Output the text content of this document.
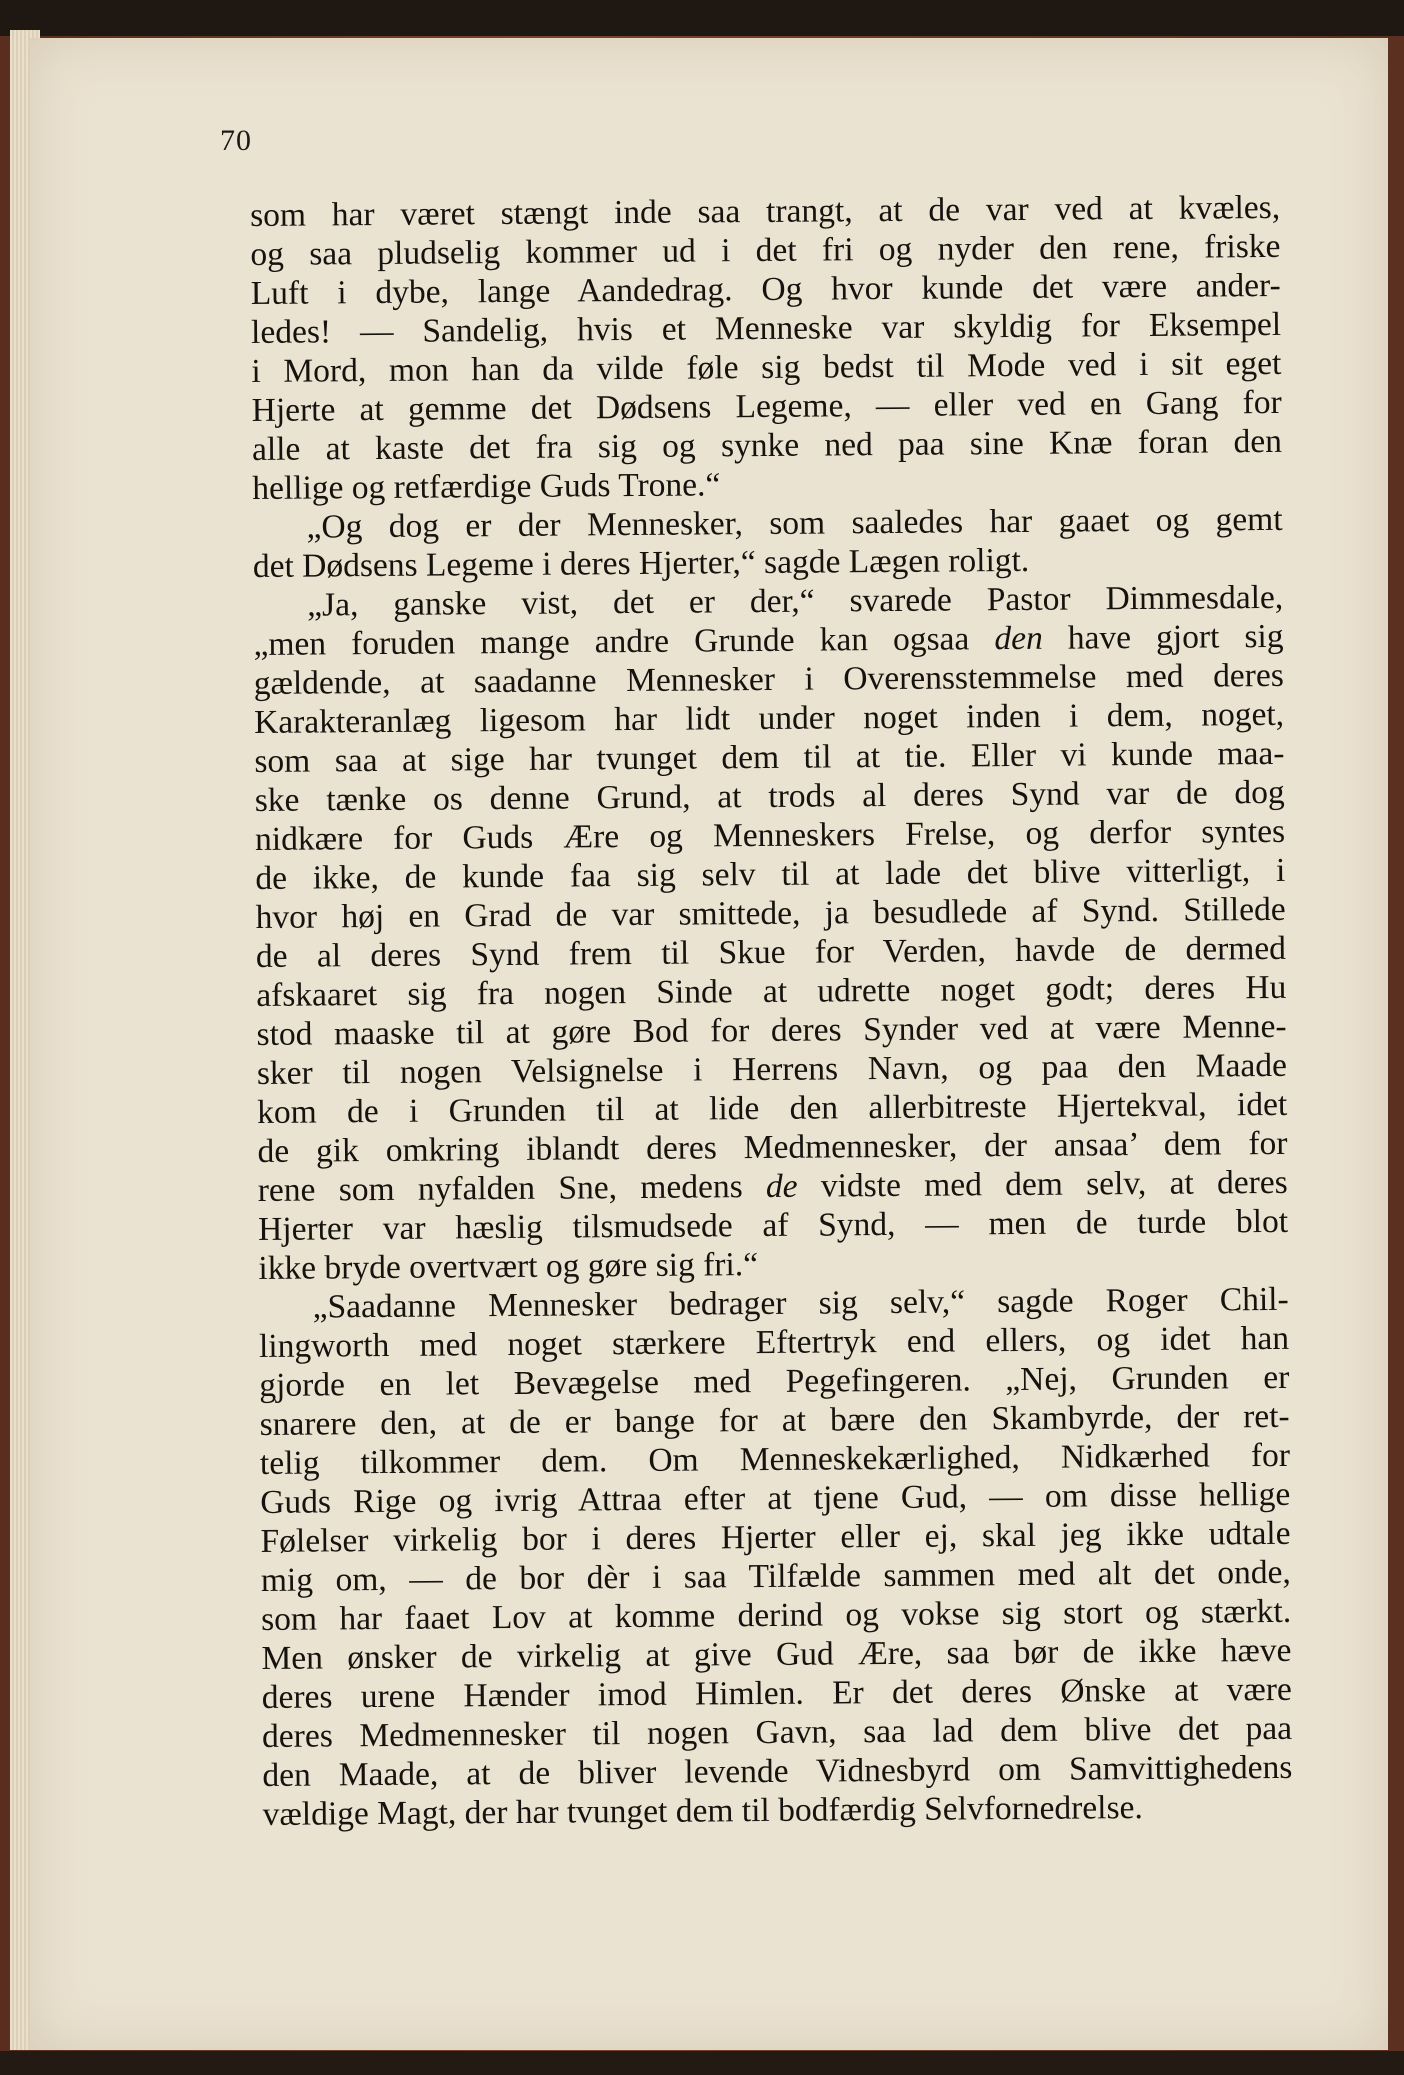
70
som har været stængt inde saa trangt, at de var ved at kvæles,
og saa pludselig kommer ud i det fri og nyder den rene, friske
Luft i dybe, lange Aandedrag. Og hvor kunde det være ander-
ledes! — Sandelig, hvis et Menneske var skyldig for Eksempel
i Mord, mon han da vilde føle sig bedst til Mode ved i sit eget
Hjerte at gemme det Dødsens Legeme, — eller ved en Gang for
alle at kaste det fra sig og synke ned paa sine Knæ foran den
hellige og retfærdige Guds Trone.“
„Og dog er der Mennesker, som saaledes har gaaet og gemt
det Dødsens Legeme i deres Hjerter,“ sagde Lægen roligt.
„Ja, ganske vist, det er der,“ svarede Pastor Dimmesdale,
„men foruden mange andre Grunde kan ogsaa den have gjort sig
gældende, at saadanne Mennesker i Overensstemmelse med deres
Karakteranlæg ligesom har lidt under noget inden i dem, noget,
som saa at sige har tvunget dem til at tie. Eller vi kunde maa-
ske tænke os denne Grund, at trods al deres Synd var de dog
nidkære for Guds Ære og Menneskers Frelse, og derfor syntes
de ikke, de kunde faa sig selv til at lade det blive vitterligt, i
hvor høj en Grad de var smittede, ja besudlede af Synd. Stillede
de al deres Synd frem til Skue for Verden, havde de dermed
afskaaret sig fra nogen Sinde at udrette noget godt; deres Hu
stod maaske til at gøre Bod for deres Synder ved at være Menne-
sker til nogen Velsignelse i Herrens Navn, og paa den Maade
kom de i Grunden til at lide den allerbitreste Hjertekval, idet
de gik omkring iblandt deres Medmennesker, der ansaa’ dem for
rene som nyfalden Sne, medens de vidste med dem selv, at deres
Hjerter var hæslig tilsmudsede af Synd, — men de turde blot
ikke bryde overtvært og gøre sig fri.“
„Saadanne Mennesker bedrager sig selv,“ sagde Roger Chil-
lingworth med noget stærkere Eftertryk end ellers, og idet han
gjorde en let Bevægelse med Pegefingeren. „Nej, Grunden er
snarere den, at de er bange for at bære den Skambyrde, der ret-
telig tilkommer dem. Om Menneskekærlighed, Nidkærhed for
Guds Rige og ivrig Attraa efter at tjene Gud, — om disse hellige
Følelser virkelig bor i deres Hjerter eller ej, skal jeg ikke udtale
mig om, — de bor dèr i saa Tilfælde sammen med alt det onde,
som har faaet Lov at komme derind og vokse sig stort og stærkt.
Men ønsker de virkelig at give Gud Ære, saa bør de ikke hæve
deres urene Hænder imod Himlen. Er det deres Ønske at være
deres Medmennesker til nogen Gavn, saa lad dem blive det paa
den Maade, at de bliver levende Vidnesbyrd om Samvittighedens
vældige Magt, der har tvunget dem til bodfærdig Selvfornedrelse.
